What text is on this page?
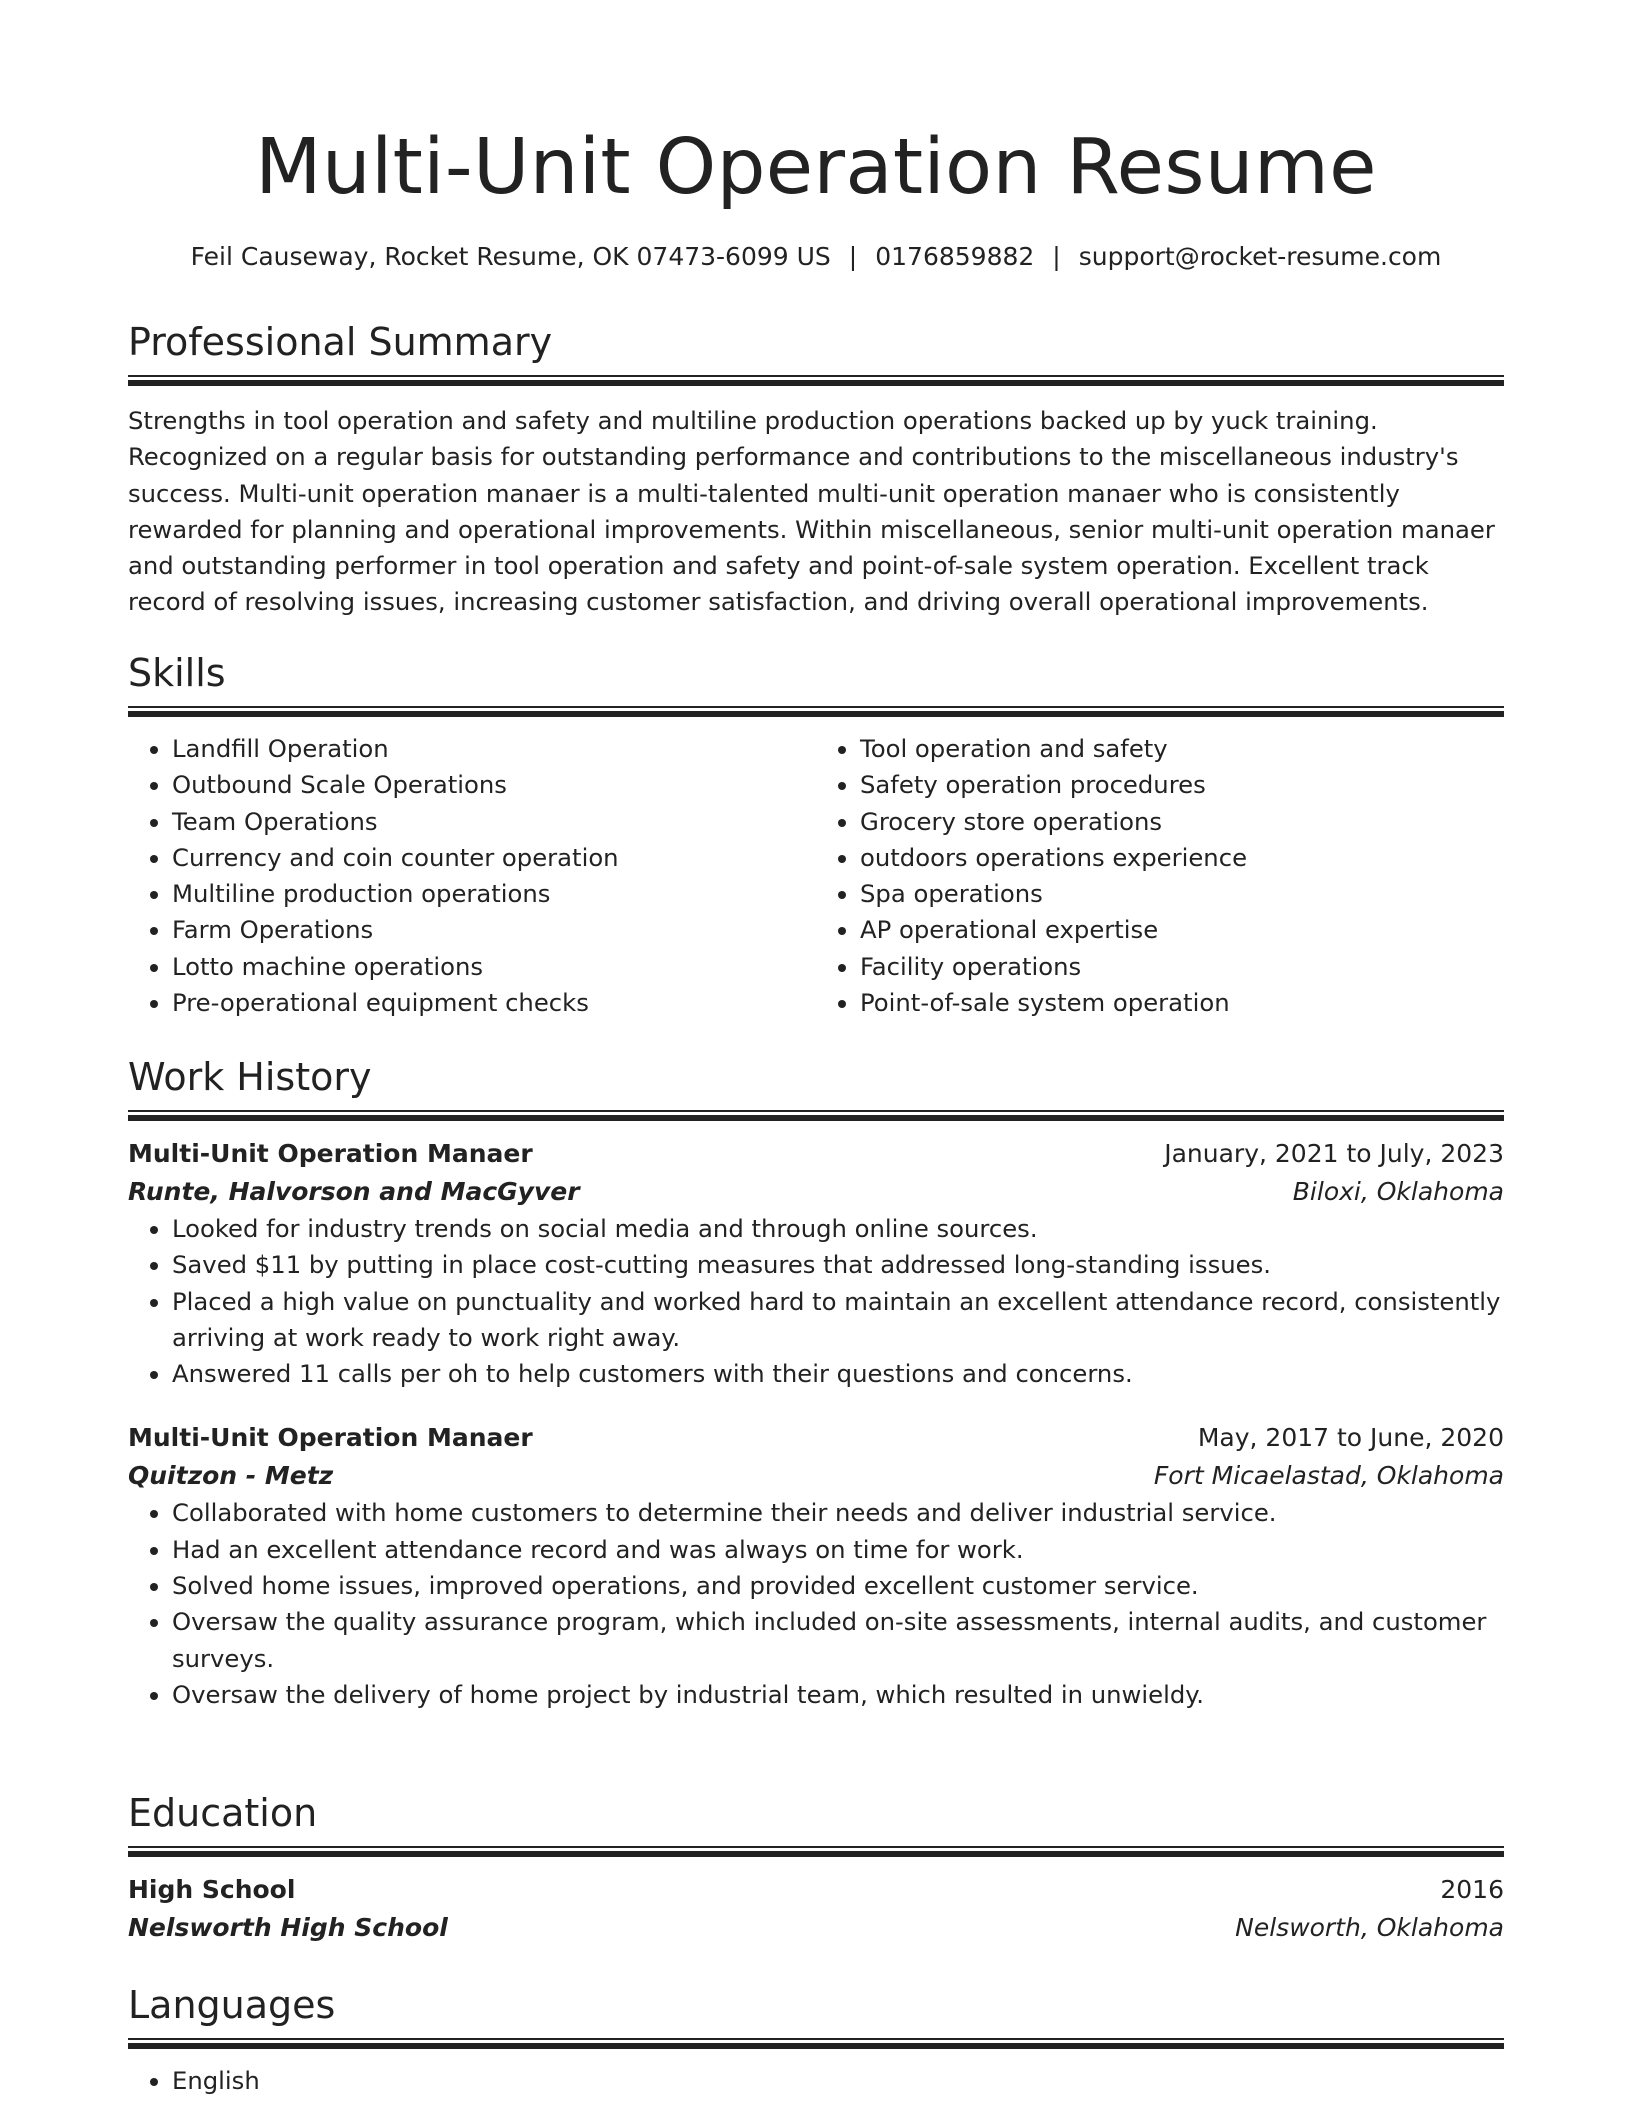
Multi-Unit Operation Resume
Feil Causeway, Rocket Resume, OK 07473-6099 US | 0176859882 | support@rocket-resume.com
Professional Summary

Strengths in tool operation and safety and multiline production operations backed up by yuck training. Recognized on a regular basis for outstanding performance and contributions to the miscellaneous industry's success. Multi-unit operation manaer is a multi-talented multi-unit operation manaer who is consistently rewarded for planning and operational improvements. Within miscellaneous, senior multi-unit operation manaer and outstanding performer in tool operation and safety and point-of-sale system operation. Excellent track record of resolving issues, increasing customer satisfaction, and driving overall operational improvements.

Skills
• Landfill Operation
• Outbound Scale Operations
• Team Operations
• Currency and coin counter operation
• Multiline production operations
• Farm Operations
• Lotto machine operations
• Pre-operational equipment checks
• Tool operation and safety
• Safety operation procedures
• Grocery store operations
• outdoors operations experience
• Spa operations
• AP operational expertise
• Facility operations
• Point-of-sale system operation
Work History
Multi-Unit Operation Manaer	January, 2021 to July, 2023
Runte, Halvorson and MacGyver	Biloxi, Oklahoma
• Looked for industry trends on social media and through online sources.
• Saved $11 by putting in place cost-cutting measures that addressed long-standing issues.
• Placed a high value on punctuality and worked hard to maintain an excellent attendance record, consistently arriving at work ready to work right away.
• Answered 11 calls per oh to help customers with their questions and concerns.
Multi-Unit Operation Manaer	May, 2017 to June, 2020
Quitzon - Metz	Fort Micaelastad, Oklahoma
• Collaborated with home customers to determine their needs and deliver industrial service.
• Had an excellent attendance record and was always on time for work.
• Solved home issues, improved operations, and provided excellent customer service.
• Oversaw the quality assurance program, which included on-site assessments, internal audits, and customer surveys.
• Oversaw the delivery of home project by industrial team, which resulted in unwieldy.
Education
High School	2016
Nelsworth High School	Nelsworth, Oklahoma
Languages
• English
